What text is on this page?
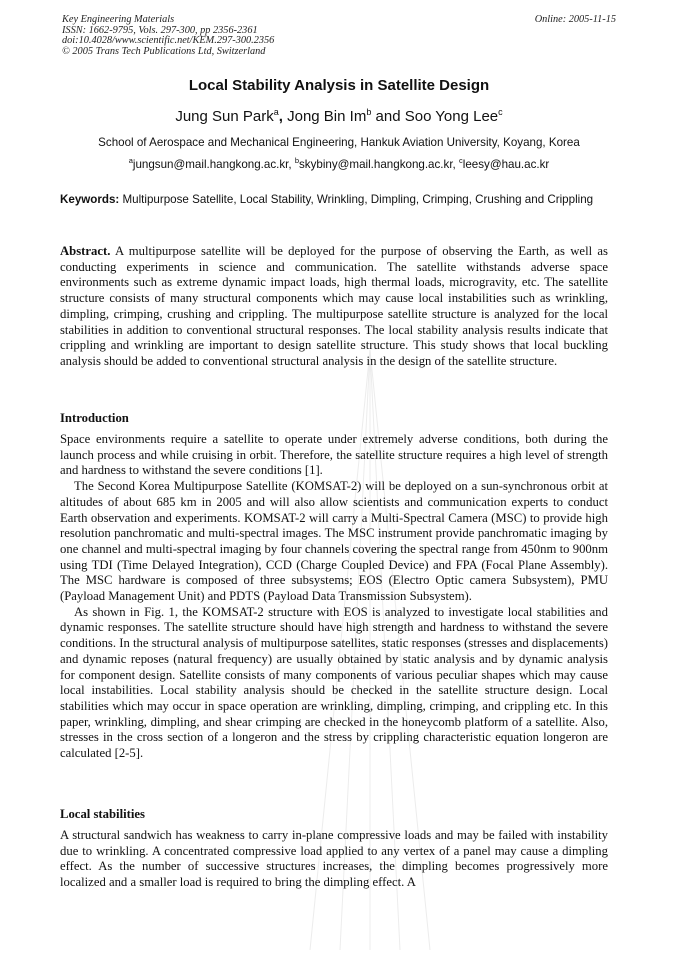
Key Engineering Materials
ISSN: 1662-9795, Vols. 297-300, pp 2356-2361
doi:10.4028/www.scientific.net/KEM.297-300.2356
© 2005 Trans Tech Publications Ltd, Switzerland
Online: 2005-11-15
Local Stability Analysis in Satellite Design
Jung Sun Park$^a$, Jong Bin Im$^b$ and Soo Yong Lee$^c$
School of Aerospace and Mechanical Engineering, Hankuk Aviation University, Koyang, Korea
$^a$jungsun@mail.hangkong.ac.kr, $^b$skybiny@mail.hangkong.ac.kr, $^c$leesy@hau.ac.kr
Keywords: Multipurpose Satellite, Local Stability, Wrinkling, Dimpling, Crimping, Crushing and Crippling

Abstract. A multipurpose satellite will be deployed for the purpose of observing the Earth, as well as conducting experiments in science and communication. The satellite withstands adverse space environments such as extreme dynamic impact loads, high thermal loads, microgravity, etc. The satellite structure consists of many structural components which may cause local instabilities such as wrinkling, dimpling, crimping, crushing and crippling. The multipurpose satellite structure is analyzed for the local stabilities in addition to conventional structural responses. The local stability analysis results indicate that crippling and wrinkling are important to design satellite structure. This study shows that local buckling analysis should be added to conventional structural analysis in the design of the satellite structure.

Introduction

Space environments require a satellite to operate under extremely adverse conditions, both during the launch process and while cruising in orbit. Therefore, the satellite structure requires a high level of strength and hardness to withstand the severe conditions [1].

The Second Korea Multipurpose Satellite (KOMSAT-2) will be deployed on a sun-synchronous orbit at altitudes of about 685 km in 2005 and will also allow scientists and communication experts to conduct Earth observation and experiments. KOMSAT-2 will carry a Multi-Spectral Camera (MSC) to provide high resolution panchromatic and multi-spectral images. The MSC instrument provide panchromatic imaging by one channel and multi-spectral imaging by four channels covering the spectral range from 450nm to 900nm using TDI (Time Delayed Integration), CCD (Charge Coupled Device) and FPA (Focal Plane Assembly). The MSC hardware is composed of three subsystems; EOS (Electro Optic camera Subsystem), PMU (Payload Management Unit) and PDTS (Payload Data Transmission Subsystem).

As shown in Fig. 1, the KOMSAT-2 structure with EOS is analyzed to investigate local stabilities and dynamic responses. The satellite structure should have high strength and hardness to withstand the severe conditions. In the structural analysis of multipurpose satellites, static responses (stresses and displacements) and dynamic reposes (natural frequency) are usually obtained by static analysis and by dynamic analysis for component design. Satellite consists of many components of various peculiar shapes which may cause local instabilities. Local stability analysis should be checked in the satellite structure design. Local stabilities which may occur in space operation are wrinkling, dimpling, crimping, and crippling etc. In this paper, wrinkling, dimpling, and shear crimping are checked in the honeycomb platform of a satellite. Also, stresses in the cross section of a longeron and the stress by crippling characteristic equation longeron are calculated [2-5].

Local stabilities

A structural sandwich has weakness to carry in-plane compressive loads and may be failed with instability due to wrinkling. A concentrated compressive load applied to any vertex of a panel may cause a dimpling effect. As the number of successive structures increases, the dimpling becomes progressively more localized and a smaller load is required to bring the dimpling effect. A
